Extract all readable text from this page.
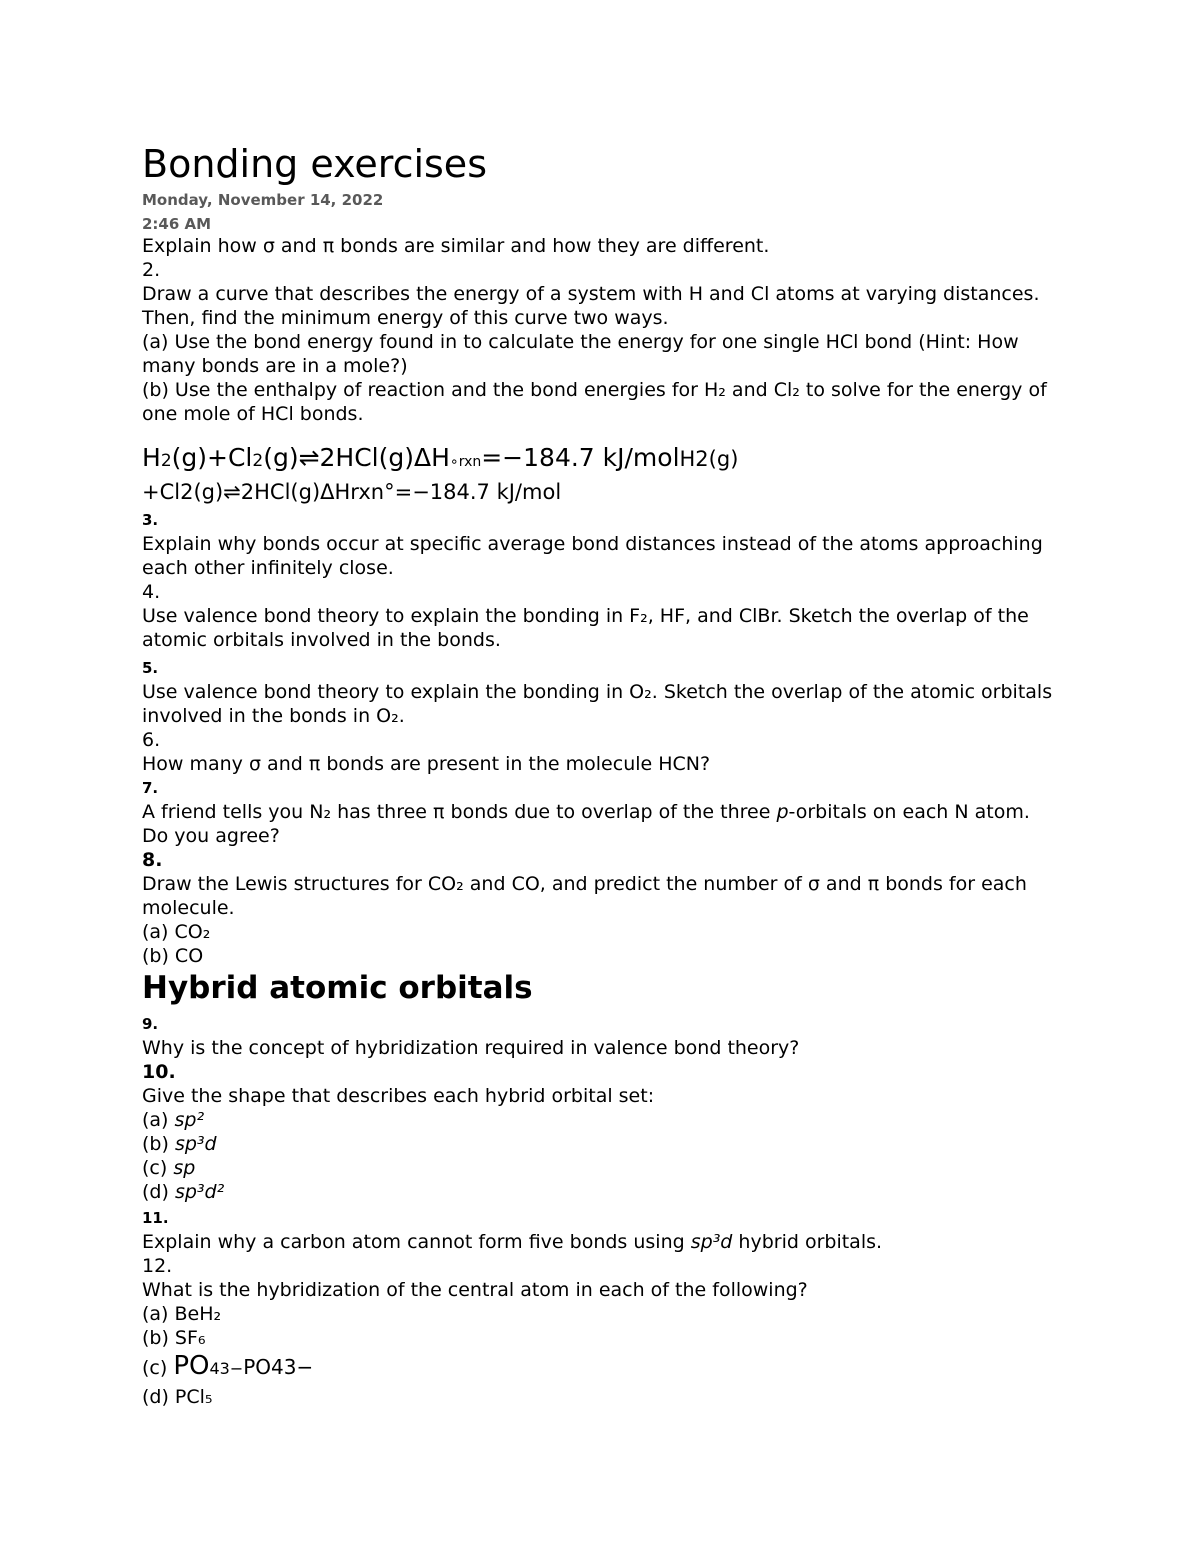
Bonding exercises
Monday, November 14, 2022
2:46 AM

Explain how σ and π bonds are similar and how they are different.

2.

Draw a curve that describes the energy of a system with H and Cl atoms at varying distances. Then, find the minimum energy of this curve two ways.

(a) Use the bond energy found in to calculate the energy for one single HCl bond (Hint: How many bonds are in a mole?)

(b) Use the enthalpy of reaction and the bond energies for H₂ and Cl₂ to solve for the energy of one mole of HCl bonds.

H2(g)+Cl2(g)⇌2HCl(g)ΔH∘rxn=−184.7 kJ/molH2(g)
+Cl2(g)⇌2HCl(g)ΔHrxn°=−184.7 kJ/mol

3.

Explain why bonds occur at specific average bond distances instead of the atoms approaching each other infinitely close.

4.

Use valence bond theory to explain the bonding in F₂, HF, and ClBr. Sketch the overlap of the atomic orbitals involved in the bonds.

5.

Use valence bond theory to explain the bonding in O₂. Sketch the overlap of the atomic orbitals involved in the bonds in O₂.

6.

How many σ and π bonds are present in the molecule HCN?

7.

A friend tells you N₂ has three π bonds due to overlap of the three p-orbitals on each N atom. Do you agree?

8.

Draw the Lewis structures for CO₂ and CO, and predict the number of σ and π bonds for each molecule.

(a) CO₂

(b) CO

Hybrid atomic orbitals

9.

Why is the concept of hybridization required in valence bond theory?

10.

Give the shape that describes each hybrid orbital set:

(a) sp²

(b) sp³d

(c) sp

(d) sp³d²

11.

Explain why a carbon atom cannot form five bonds using sp³d hybrid orbitals.

12.

What is the hybridization of the central atom in each of the following?

(a) BeH₂

(b) SF₆

(c) PO43−PO43−

(d) PCl₅
